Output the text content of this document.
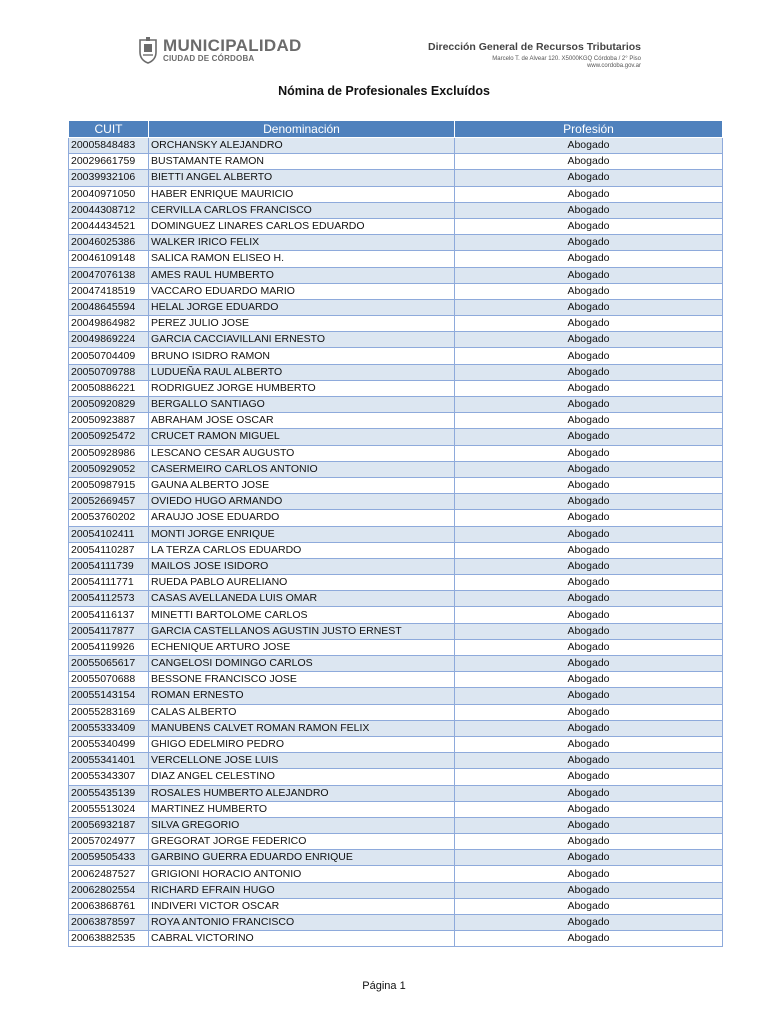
MUNICIPALIDAD
CIUDAD DE CÓRDOBA
Dirección General de Recursos Tributarios
Marcelo T. de Alvear 120. X5000KGQ Córdoba / 2° Piso
www.cordoba.gov.ar
Nómina de Profesionales Excluídos
CUIT	Denominación	Profesión
20005848483	ORCHANSKY ALEJANDRO	Abogado
20029661759	BUSTAMANTE RAMON	Abogado
20039932106	BIETTI ANGEL ALBERTO	Abogado
20040971050	HABER ENRIQUE MAURICIO	Abogado
20044308712	CERVILLA CARLOS FRANCISCO	Abogado
20044434521	DOMINGUEZ LINARES CARLOS EDUARDO	Abogado
20046025386	WALKER IRICO FELIX	Abogado
20046109148	SALICA RAMON ELISEO H.	Abogado
20047076138	AMES RAUL HUMBERTO	Abogado
20047418519	VACCARO EDUARDO MARIO	Abogado
20048645594	HELAL JORGE EDUARDO	Abogado
20049864982	PEREZ JULIO JOSE	Abogado
20049869224	GARCIA CACCIAVILLANI ERNESTO	Abogado
20050704409	BRUNO ISIDRO RAMON	Abogado
20050709788	LUDUEÑA RAUL ALBERTO	Abogado
20050886221	RODRIGUEZ JORGE HUMBERTO	Abogado
20050920829	BERGALLO SANTIAGO	Abogado
20050923887	ABRAHAM JOSE OSCAR	Abogado
20050925472	CRUCET RAMON MIGUEL	Abogado
20050928986	LESCANO CESAR AUGUSTO	Abogado
20050929052	CASERMEIRO CARLOS ANTONIO	Abogado
20050987915	GAUNA ALBERTO JOSE	Abogado
20052669457	OVIEDO HUGO ARMANDO	Abogado
20053760202	ARAUJO JOSE EDUARDO	Abogado
20054102411	MONTI JORGE ENRIQUE	Abogado
20054110287	LA TERZA CARLOS EDUARDO	Abogado
20054111739	MAILOS JOSE ISIDORO	Abogado
20054111771	RUEDA PABLO AURELIANO	Abogado
20054112573	CASAS AVELLANEDA LUIS OMAR	Abogado
20054116137	MINETTI BARTOLOME CARLOS	Abogado
20054117877	GARCIA CASTELLANOS AGUSTIN JUSTO ERNEST	Abogado
20054119926	ECHENIQUE ARTURO JOSE	Abogado
20055065617	CANGELOSI DOMINGO CARLOS	Abogado
20055070688	BESSONE FRANCISCO JOSE	Abogado
20055143154	ROMAN ERNESTO	Abogado
20055283169	CALAS ALBERTO	Abogado
20055333409	MANUBENS CALVET ROMAN RAMON FELIX	Abogado
20055340499	GHIGO EDELMIRO PEDRO	Abogado
20055341401	VERCELLONE JOSE LUIS	Abogado
20055343307	DIAZ ANGEL CELESTINO	Abogado
20055435139	ROSALES HUMBERTO ALEJANDRO	Abogado
20055513024	MARTINEZ HUMBERTO	Abogado
20056932187	SILVA GREGORIO	Abogado
20057024977	GREGORAT JORGE FEDERICO	Abogado
20059505433	GARBINO GUERRA EDUARDO ENRIQUE	Abogado
20062487527	GRIGIONI HORACIO ANTONIO	Abogado
20062802554	RICHARD EFRAIN HUGO	Abogado
20063868761	INDIVERI VICTOR OSCAR	Abogado
20063878597	ROYA ANTONIO FRANCISCO	Abogado
20063882535	CABRAL VICTORINO	Abogado
Página 1
